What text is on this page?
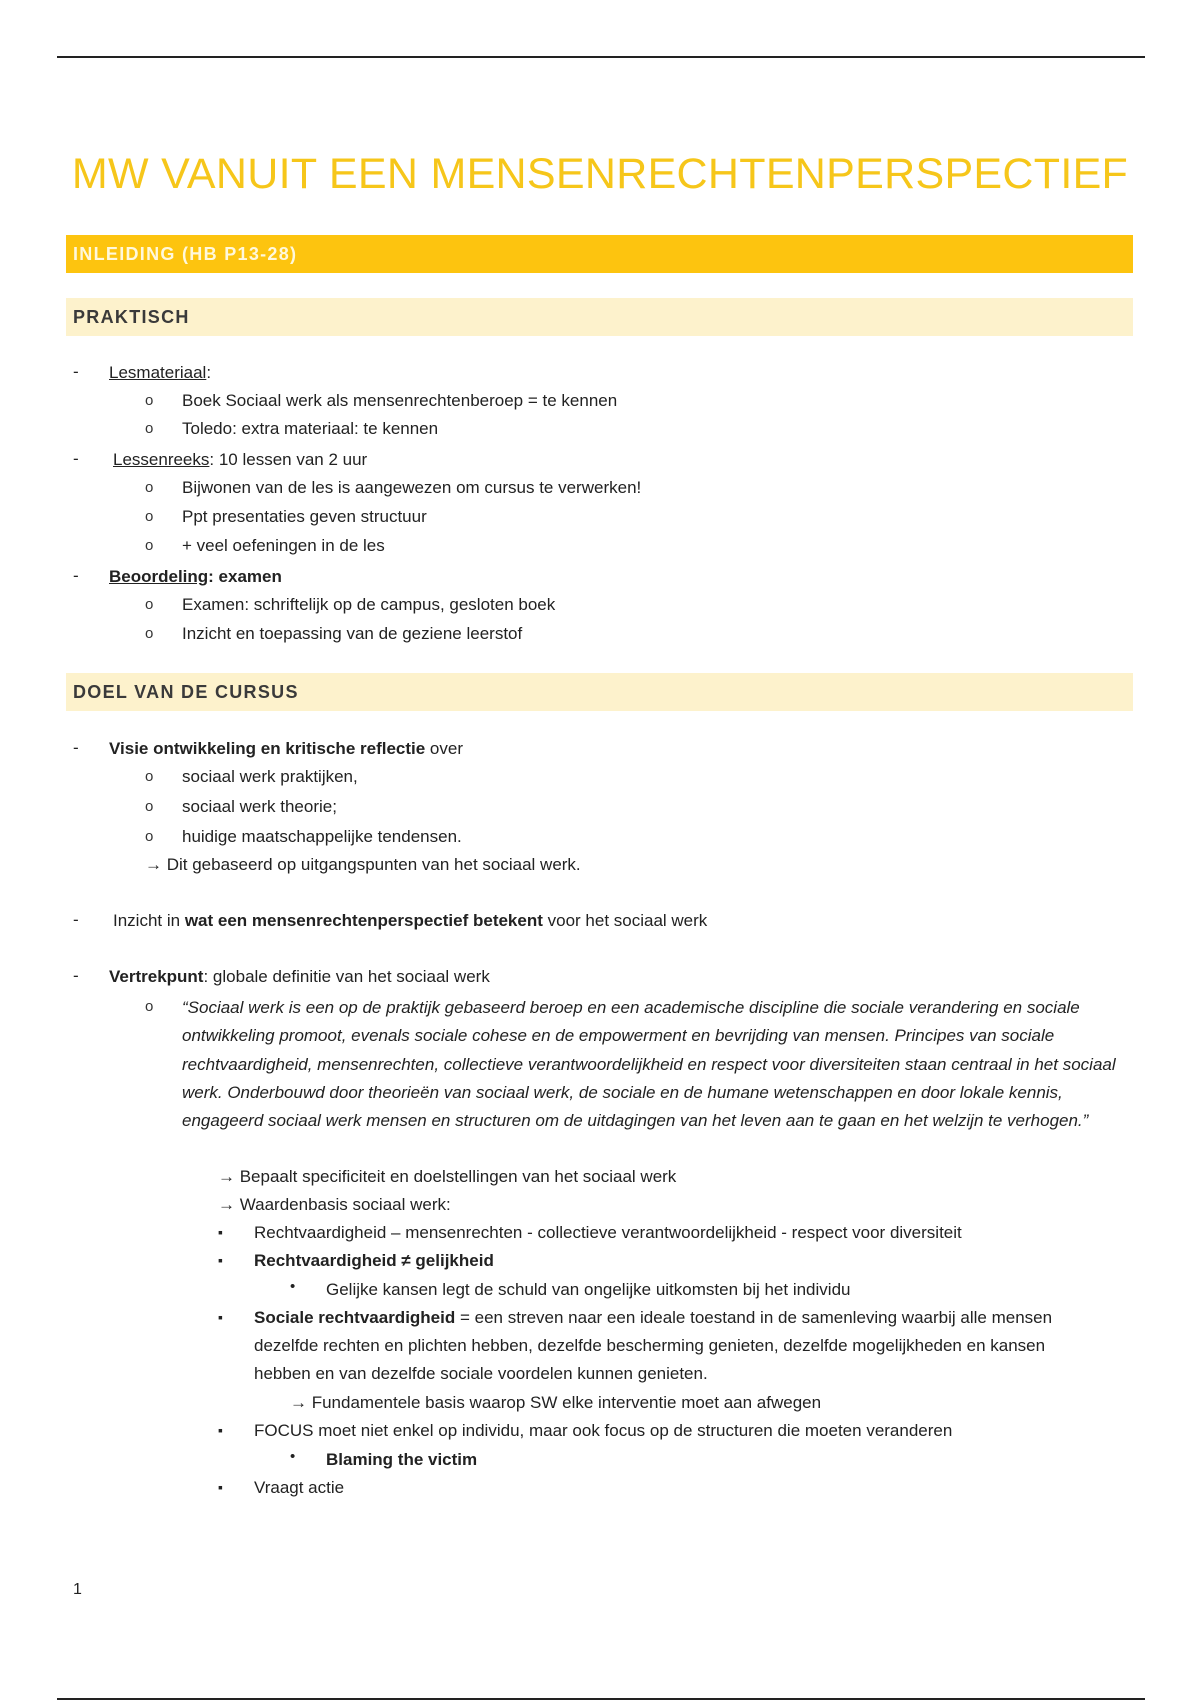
MW VANUIT EEN MENSENRECHTENPERSPECTIEF
INLEIDING (HB P13-28)
PRAKTISCH
- Lesmateriaal:
o Boek Sociaal werk als mensenrechtenberoep = te kennen
o Toledo: extra materiaal: te kennen
- Lessenreeks: 10 lessen van 2 uur
o Bijwonen van de les is aangewezen om cursus te verwerken!
o Ppt presentaties geven structuur
o + veel oefeningen in de les
- Beoordeling: examen
o Examen: schriftelijk op de campus, gesloten boek
o Inzicht en toepassing van de geziene leerstof
DOEL VAN DE CURSUS
- Visie ontwikkeling en kritische reflectie over
o sociaal werk praktijken,
o sociaal werk theorie;
o huidige maatschappelijke tendensen.
→ Dit gebaseerd op uitgangspunten van het sociaal werk.
- Inzicht in wat een mensenrechtenperspectief betekent voor het sociaal werk
- Vertrekpunt: globale definitie van het sociaal werk
o “Sociaal werk is een op de praktijk gebaseerd beroep en een academische discipline die sociale verandering en sociale ontwikkeling promoot, evenals sociale cohese en de empowerment en bevrijding van mensen. Principes van sociale rechtvaardigheid, mensenrechten, collectieve verantwoordelijkheid en respect voor diversiteiten staan centraal in het sociaal werk. Onderbouwd door theorieën van sociaal werk, de sociale en de humane wetenschappen en door lokale kennis, engageerd sociaal werk mensen en structuren om de uitdagingen van het leven aan te gaan en het welzijn te verhogen.”
→ Bepaalt specificiteit en doelstellingen van het sociaal werk
→ Waardenbasis sociaal werk:
▪ Rechtvaardigheid – mensenrechten - collectieve verantwoordelijkheid - respect voor diversiteit
▪ Rechtvaardigheid ≠ gelijkheid
• Gelijke kansen legt de schuld van ongelijke uitkomsten bij het individu
▪ Sociale rechtvaardigheid = een streven naar een ideale toestand in de samenleving waarbij alle mensen
dezelfde rechten en plichten hebben, dezelfde bescherming genieten, dezelfde mogelijkheden en kansen
hebben en van dezelfde sociale voordelen kunnen genieten.
→ Fundamentele basis waarop SW elke interventie moet aan afwegen
▪ FOCUS moet niet enkel op individu, maar ook focus op de structuren die moeten veranderen
• Blaming the victim
▪ Vraagt actie
1
